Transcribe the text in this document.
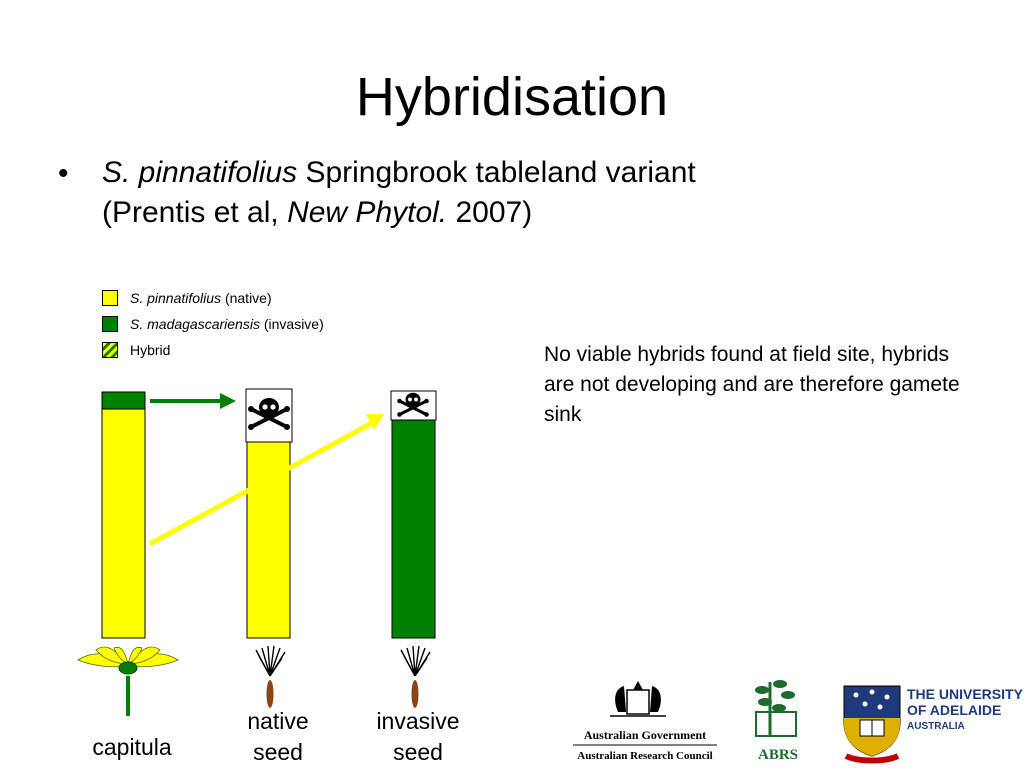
Hybridisation
• S. pinnatifolius Springbrook tableland variant
(Prentis et al, New Phytol. 2007)
S. pinnatifolius (native)
S. madagascariensis (invasive)
Hybrid	No viable hybrids found at field site, hybrids are not developing and are therefore gamete sink
Australian Government
Australian Research Council	ABRS
THE UNIVERSITY
OF ADELAIDE
AUSTRALIA
capitula
native
seed
invasive
seed
